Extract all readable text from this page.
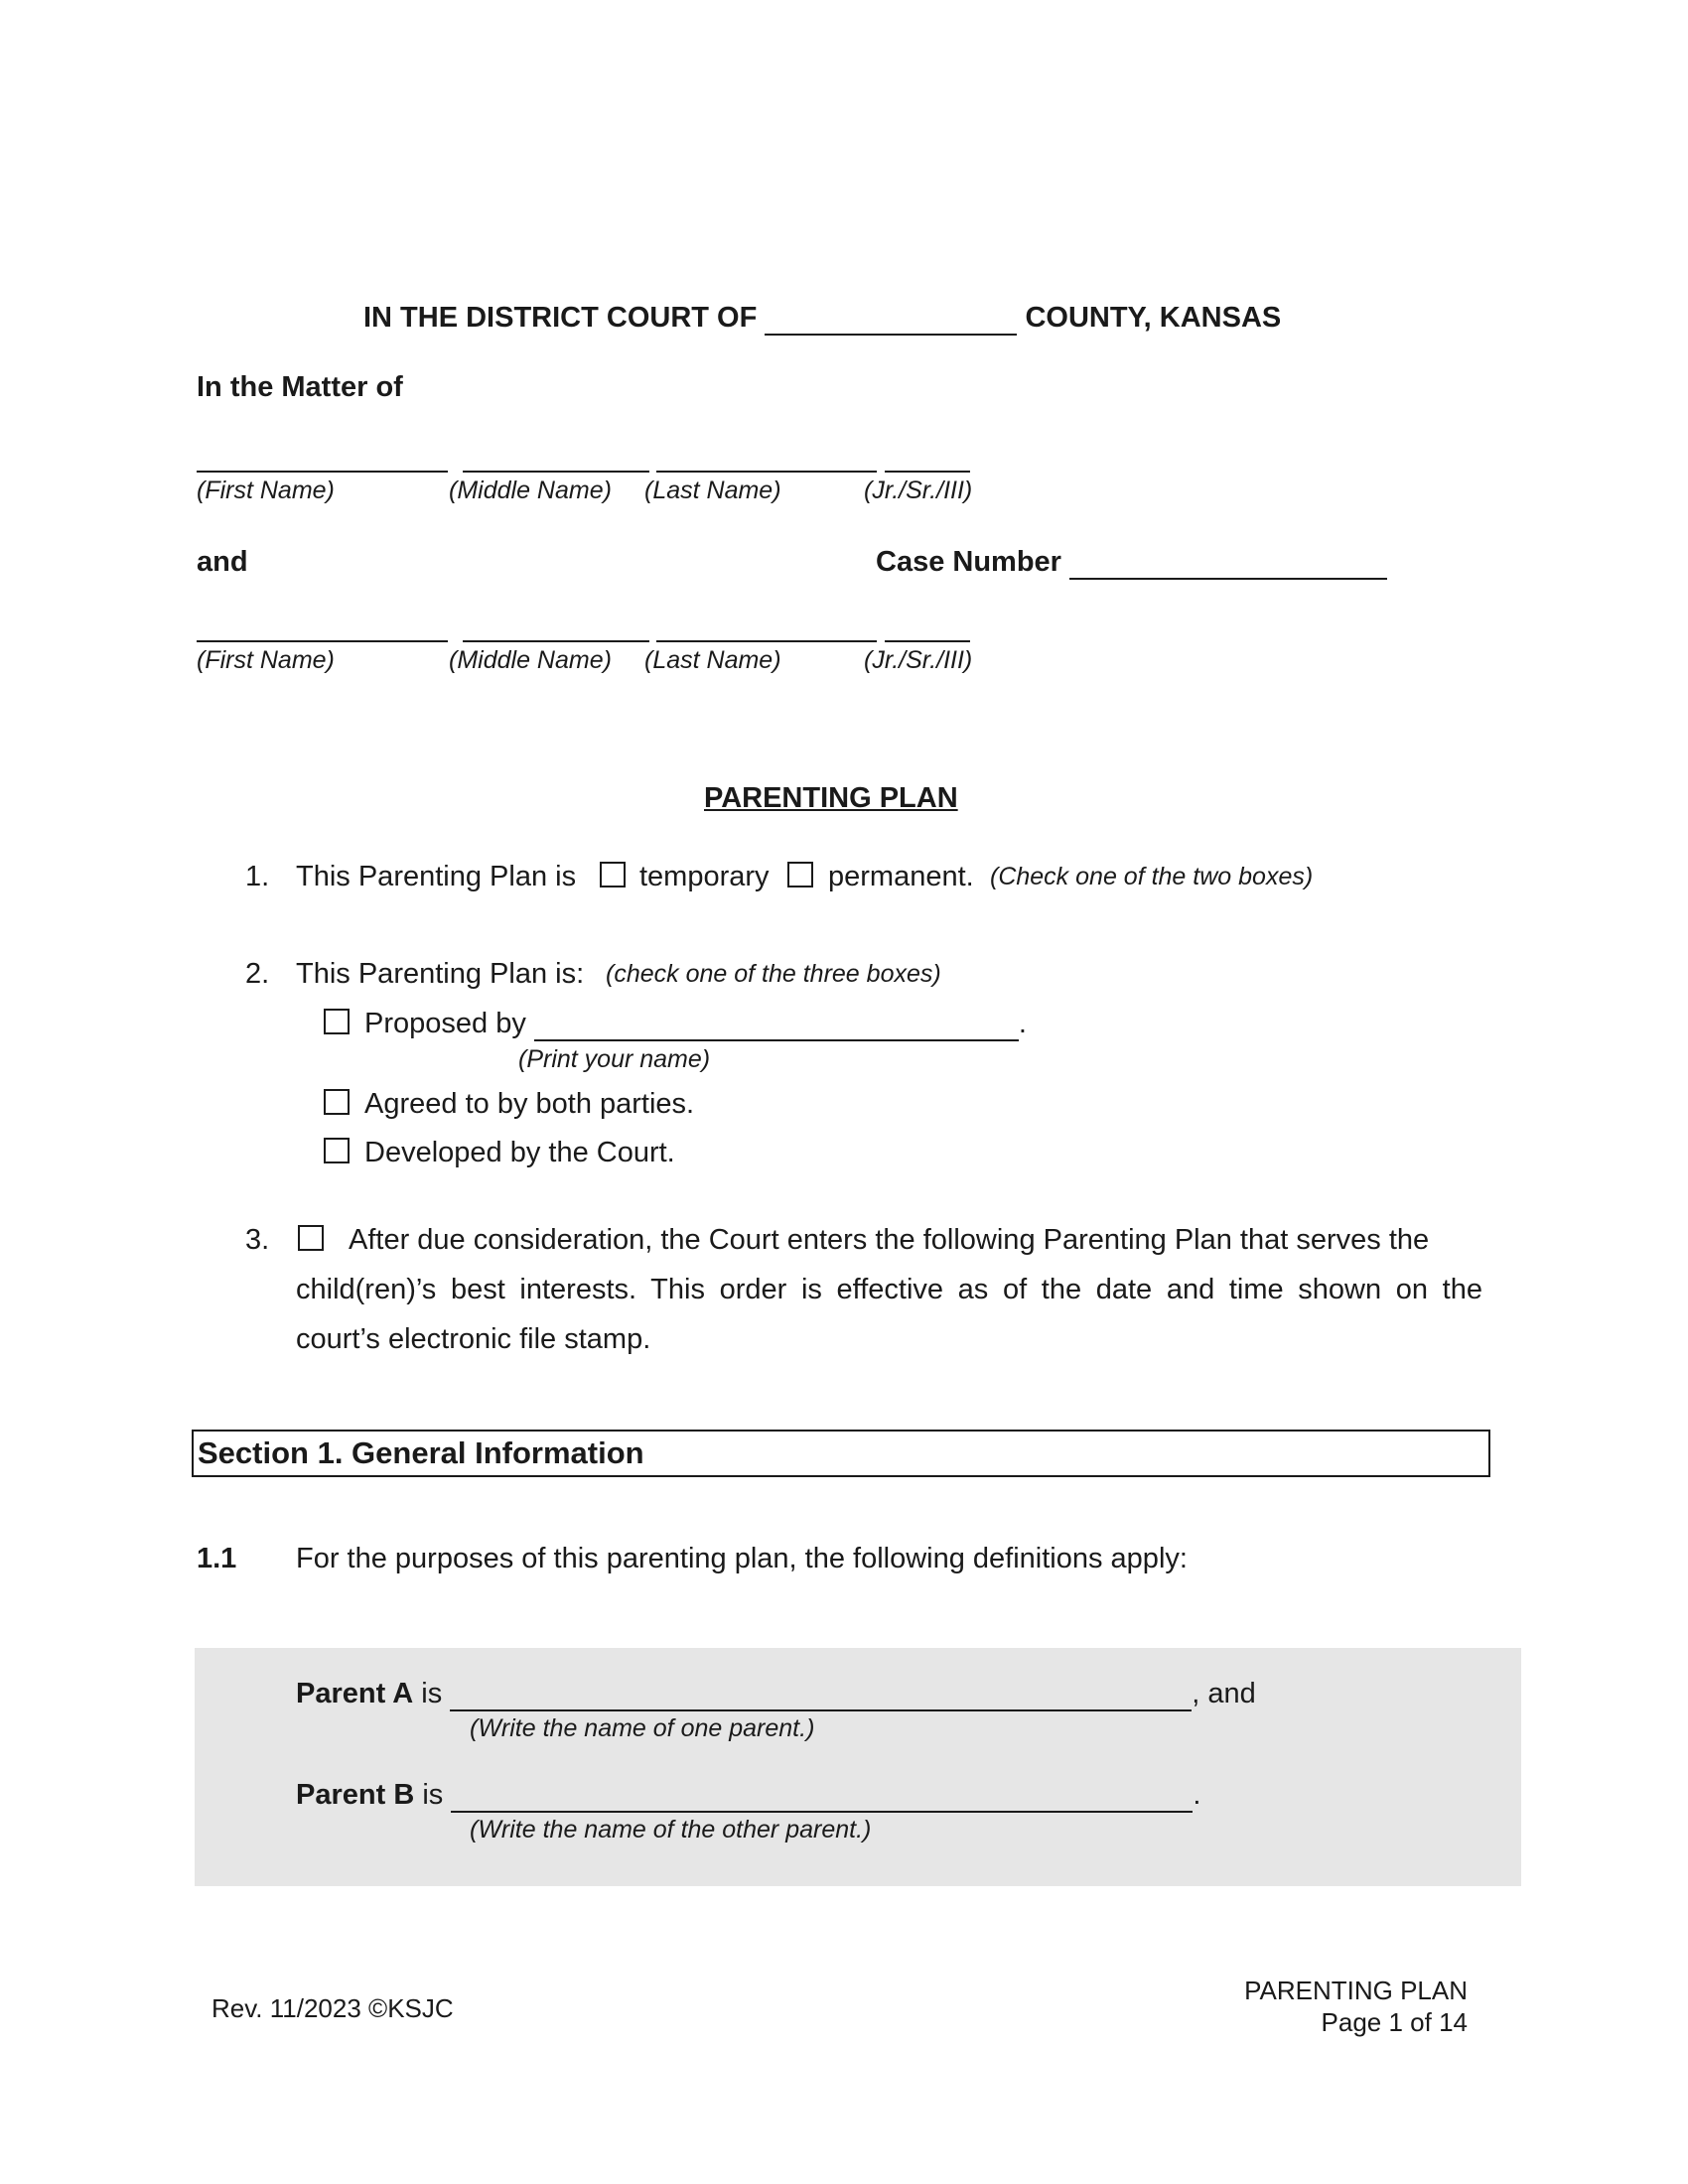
IN THE DISTRICT COURT OF	COUNTY, KANSAS
In the Matter of
(First Name)	(Middle Name) (Last Name)	(Jr./Sr./III)
and	Case Number
(First Name)	(Middle Name) (Last Name)	(Jr./Sr./III)
PARENTING PLAN
1. This Parenting Plan is temporary permanent. (Check one of the two boxes)
2. This Parenting Plan is: (check one of the three boxes)
Proposed by	.
(Print your name)
Agreed to by both parties.
Developed by the Court.
3.	After due consideration, the Court enters the following Parenting Plan that serves the
child(ren)’s best interests. This order is effective as of the date and time shown on the
court’s electronic file stamp.
Section 1. General Information
1.1 For the purposes of this parenting plan, the following definitions apply:
Parent A is	, and
(Write the name of one parent.)
Parent B is	.
(Write the name of the other parent.)
Rev. 11/2023 ©KSJC
PARENTING PLAN
Page 1 of 14
